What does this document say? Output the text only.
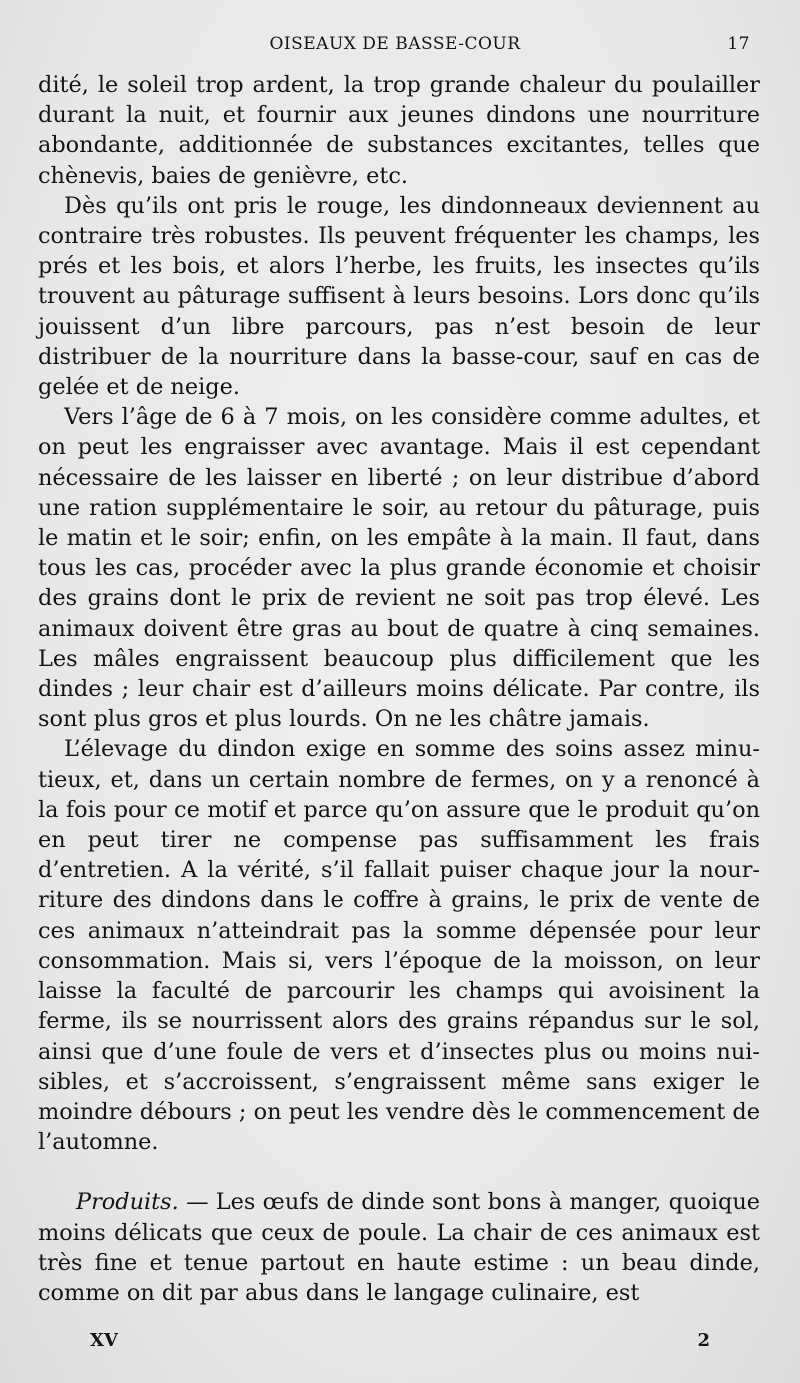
OISEAUX DE BASSE-COUR	17

dité, le soleil trop ardent, la trop grande chaleur du poulailler durant la nuit, et fournir aux jeunes dindons une nourriture abondante, additionnée de substances excitantes, telles que chènevis, baies de genièvre, etc.

Dès qu’ils ont pris le rouge, les dindonneaux deviennent au contraire très robustes. Ils peuvent fréquenter les champs, les prés et les bois, et alors l’herbe, les fruits, les insectes qu’ils trouvent au pâturage suffisent à leurs besoins. Lors donc qu’ils jouissent d’un libre parcours, pas n’est besoin de leur distribuer de la nourriture dans la basse-cour, sauf en cas de gelée et de neige.

Vers l’âge de 6 à 7 mois, on les considère comme adultes, et on peut les engraisser avec avantage. Mais il est cependant nécessaire de les laisser en liberté ; on leur distribue d’abord une ration supplémentaire le soir, au retour du pâturage, puis le matin et le soir; enfin, on les empâte à la main. Il faut, dans tous les cas, procéder avec la plus grande économie et choisir des grains dont le prix de revient ne soit pas trop élevé. Les animaux doivent être gras au bout de quatre à cinq semaines. Les mâles engraissent beaucoup plus difficilement que les dindes ; leur chair est d’ailleurs moins délicate. Par contre, ils sont plus gros et plus lourds. On ne les châtre jamais.

L’élevage du dindon exige en somme des soins assez minutieux, et, dans un certain nombre de fermes, on y a renoncé à la fois pour ce motif et parce qu’on assure que le produit qu’on en peut tirer ne compense pas suffisamment les frais d’entretien. A la vérité, s’il fallait puiser chaque jour la nourriture des dindons dans le coffre à grains, le prix de vente de ces animaux n’atteindrait pas la somme dépensée pour leur consommation. Mais si, vers l’époque de la moisson, on leur laisse la faculté de parcourir les champs qui avoisinent la ferme, ils se nourrissent alors des grains répandus sur le sol, ainsi que d’une foule de vers et d’insectes plus ou moins nuisibles, et s’accroissent, s’engraissent même sans exiger le moindre débours ; on peut les vendre dès le commencement de l’automne.

Produits. — Les œufs de dinde sont bons à manger, quoique moins délicats que ceux de poule. La chair de ces animaux est très fine et tenue partout en haute estime : un beau dinde, comme on dit par abus dans le langage culinaire, est

XV	2
